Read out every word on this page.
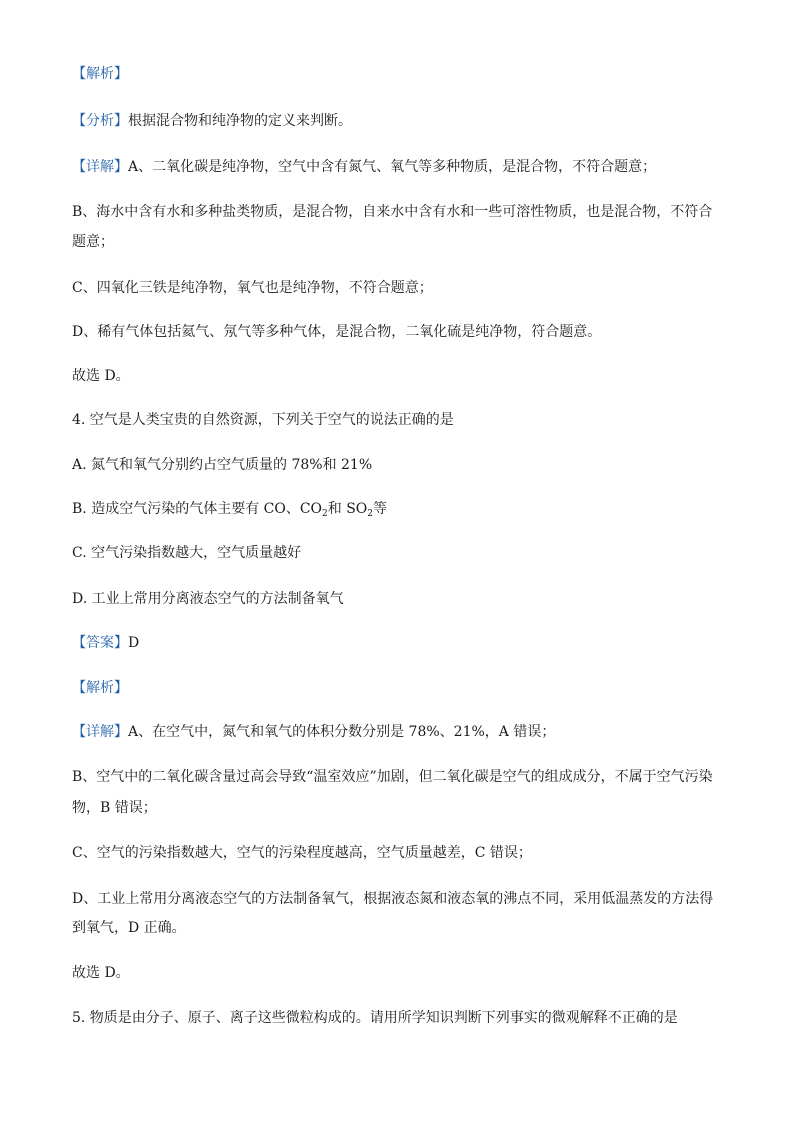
【解析】
【分析】根据混合物和纯净物的定义来判断。
【详解】A、二氧化碳是纯净物，空气中含有氮气、氧气等多种物质，是混合物，不符合题意；
B、海水中含有水和多种盐类物质，是混合物，自来水中含有水和一些可溶性物质，也是混合物，不符合
题意；
C、四氧化三铁是纯净物，氧气也是纯净物，不符合题意；
D、稀有气体包括氦气、氖气等多种气体，是混合物，二氧化硫是纯净物，符合题意。
故选 D。
4. 空气是人类宝贵的自然资源，下列关于空气的说法正确的是
A. 氮气和氧气分别约占空气质量的 78%和 21%
B. 造成空气污染的气体主要有 CO、$CO_2$和 $SO_2$等
C. 空气污染指数越大，空气质量越好
D. 工业上常用分离液态空气的方法制备氧气
【答案】D
【解析】
【详解】A、在空气中，氮气和氧气的体积分数分别是 78%、21%，A 错误；
B、空气中的二氧化碳含量过高会导致“温室效应”加剧，但二氧化碳是空气的组成成分，不属于空气污染
物，B 错误；
C、空气的污染指数越大，空气的污染程度越高，空气质量越差，C 错误；
D、工业上常用分离液态空气的方法制备氧气，根据液态氮和液态氧的沸点不同，采用低温蒸发的方法得
到氧气，D 正确。
故选 D。
5. 物质是由分子、原子、离子这些微粒构成的。请用所学知识判断下列事实的微观解释不正确的是
